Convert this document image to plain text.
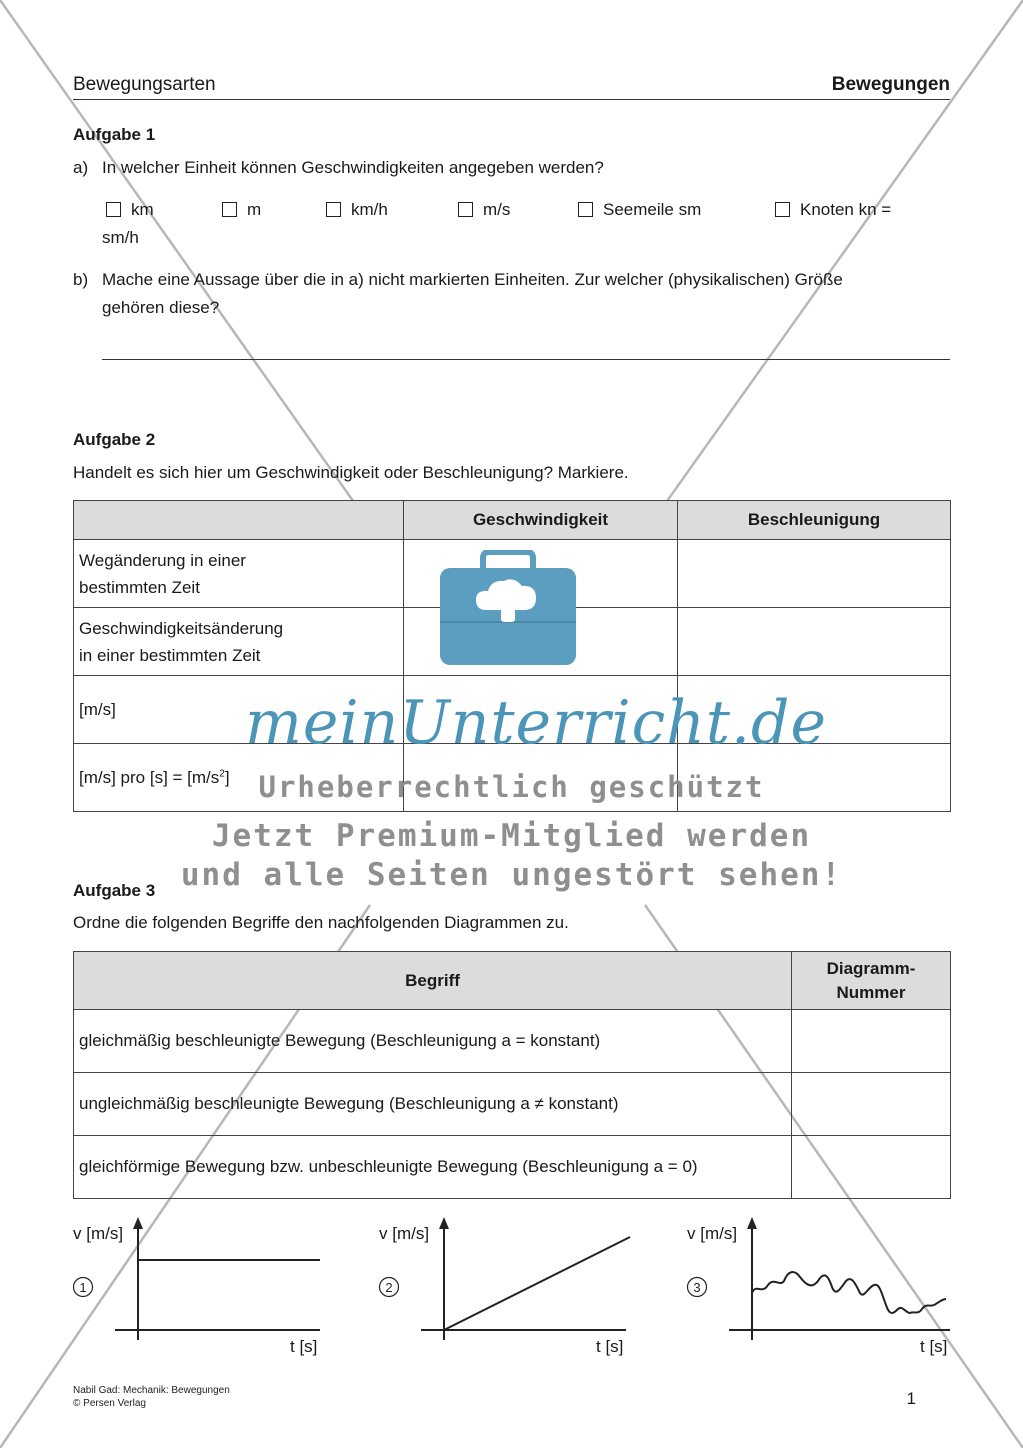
Bewegungsarten	Bewegungen
Aufgabe 1
a) In welcher Einheit können Geschwindigkeiten angegeben werden?
km	m	km/h	m/s	Seemeile sm	Knoten kn =
sm/h
b) Mache eine Aussage über die in a) nicht markierten Einheiten. Zur welcher (physikalischen) Größe
gehören diese?
Aufgabe 2
Handelt es sich hier um Geschwindigkeit oder Beschleunigung? Markiere.
	Geschwindigkeit	Beschleunigung
Wegänderung in einer
bestimmten Zeit		
Geschwindigkeitsänderung
in einer bestimmten Zeit		
[m/s]		
[m/s] pro $[s] = [m/s^2]$		
meinUnterricht.de
Urheberrechtlich geschützt
Jetzt Premium-Mitglied werden
und alle Seiten ungestört sehen!
Aufgabe 3
Ordne die folgenden Begriffe den nachfolgenden Diagrammen zu.
Begriff	Diagramm-
Nummer
gleichmäßig beschleunigte Bewegung (Beschleunigung a = konstant)	
ungleichmäßig beschleunigte Bewegung (Beschleunigung a ≠ konstant)	
gleichförmige Bewegung bzw. unbeschleunigte Bewegung (Beschleunigung a = 0)	
v [m/s]
t [s]
1
v [m/s]
t [s]
2
v [m/s]
t [s]
3
Nabil Gad: Mechanik: Bewegungen
© Persen Verlag	1
